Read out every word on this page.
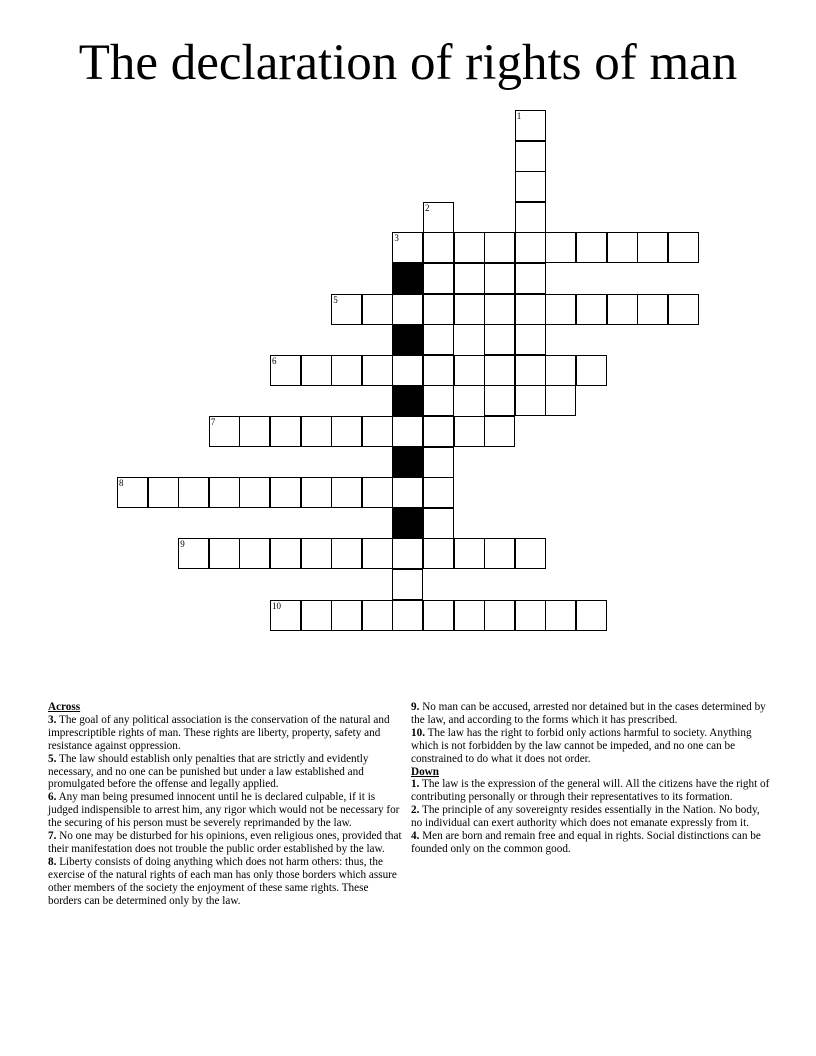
The declaration of rights of man
3
5
6
7
8
9
10
1
2
Across
3. The goal of any political association is the conservation of the natural and imprescriptible rights of man. These rights are liberty, property, safety and resistance against oppression.
5. The law should establish only penalties that are strictly and evidently necessary, and no one can be punished but under a law established and promulgated before the offense and legally applied.
6. Any man being presumed innocent until he is declared culpable, if it is judged indispensible to arrest him, any rigor which would not be necessary for the securing of his person must be severely reprimanded by the law.
7. No one may be disturbed for his opinions, even religious ones, provided that their manifestation does not trouble the public order established by the law.
8. Liberty consists of doing anything which does not harm others: thus, the exercise of the natural rights of each man has only those borders which assure other members of the society the enjoyment of these same rights. These borders can be determined only by the law.
9. No man can be accused, arrested nor detained but in the cases determined by the law, and according to the forms which it has prescribed.
10. The law has the right to forbid only actions harmful to society. Anything which is not forbidden by the law cannot be impeded, and no one can be constrained to do what it does not order.
Down
1. The law is the expression of the general will. All the citizens have the right of contributing personally or through their representatives to its formation.
2. The principle of any sovereignty resides essentially in the Nation. No body, no individual can exert authority which does not emanate expressly from it.
4. Men are born and remain free and equal in rights. Social distinctions can be founded only on the common good.
